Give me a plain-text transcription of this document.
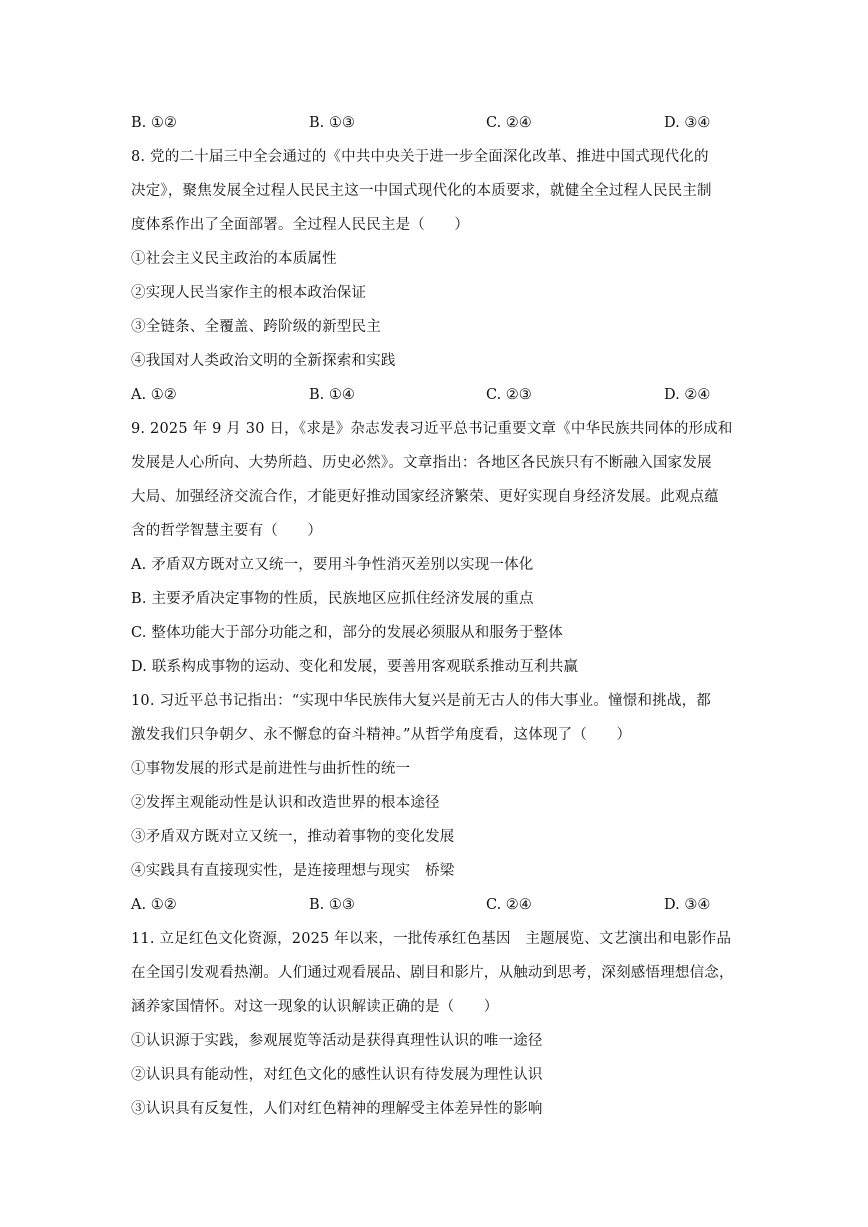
B. ①②	B. ①③	C. ②④	D. ③④
8. 党的二十届三中全会通过的《中共中央关于进一步全面深化改革、推进中国式现代化的
决定》，聚焦发展全过程人民民主这一中国式现代化的本质要求，就健全全过程人民民主制
度体系作出了全面部署。全过程人民民主是（　　）
①社会主义民主政治的本质属性
②实现人民当家作主的根本政治保证
③全链条、全覆盖、跨阶级的新型民主
④我国对人类政治文明的全新探索和实践
A. ①②	B. ①④	C. ②③	D. ②④
9. 2025 年 9 月 30 日，《求是》杂志发表习近平总书记重要文章《中华民族共同体的形成和
发展是人心所向、大势所趋、历史必然》。文章指出：各地区各民族只有不断融入国家发展
大局、加强经济交流合作，才能更好推动国家经济繁荣、更好实现自身经济发展。此观点蕴
含的哲学智慧主要有（　　）
A. 矛盾双方既对立又统一，要用斗争性消灭差别以实现一体化
B. 主要矛盾决定事物的性质，民族地区应抓住经济发展的重点
C. 整体功能大于部分功能之和，部分的发展必须服从和服务于整体
D. 联系构成事物的运动、变化和发展，要善用客观联系推动互利共赢
10. 习近平总书记指出：“实现中华民族伟大复兴是前无古人的伟大事业。憧憬和挑战，都
激发我们只争朝夕、永不懈怠的奋斗精神。”从哲学角度看，这体现了（　　）
①事物发展的形式是前进性与曲折性的统一
②发挥主观能动性是认识和改造世界的根本途径
③矛盾双方既对立又统一，推动着事物的变化发展
④实践具有直接现实性，是连接理想与现实　桥梁
A. ①②	B. ①③	C. ②④	D. ③④
11. 立足红色文化资源，2025 年以来，一批传承红色基因　主题展览、文艺演出和电影作品
在全国引发观看热潮。人们通过观看展品、剧目和影片，从触动到思考，深刻感悟理想信念，
涵养家国情怀。对这一现象的认识解读正确的是（　　）
①认识源于实践，参观展览等活动是获得真理性认识的唯一途径
②认识具有能动性，对红色文化的感性认识有待发展为理性认识
③认识具有反复性，人们对红色精神的理解受主体差异性的影响
